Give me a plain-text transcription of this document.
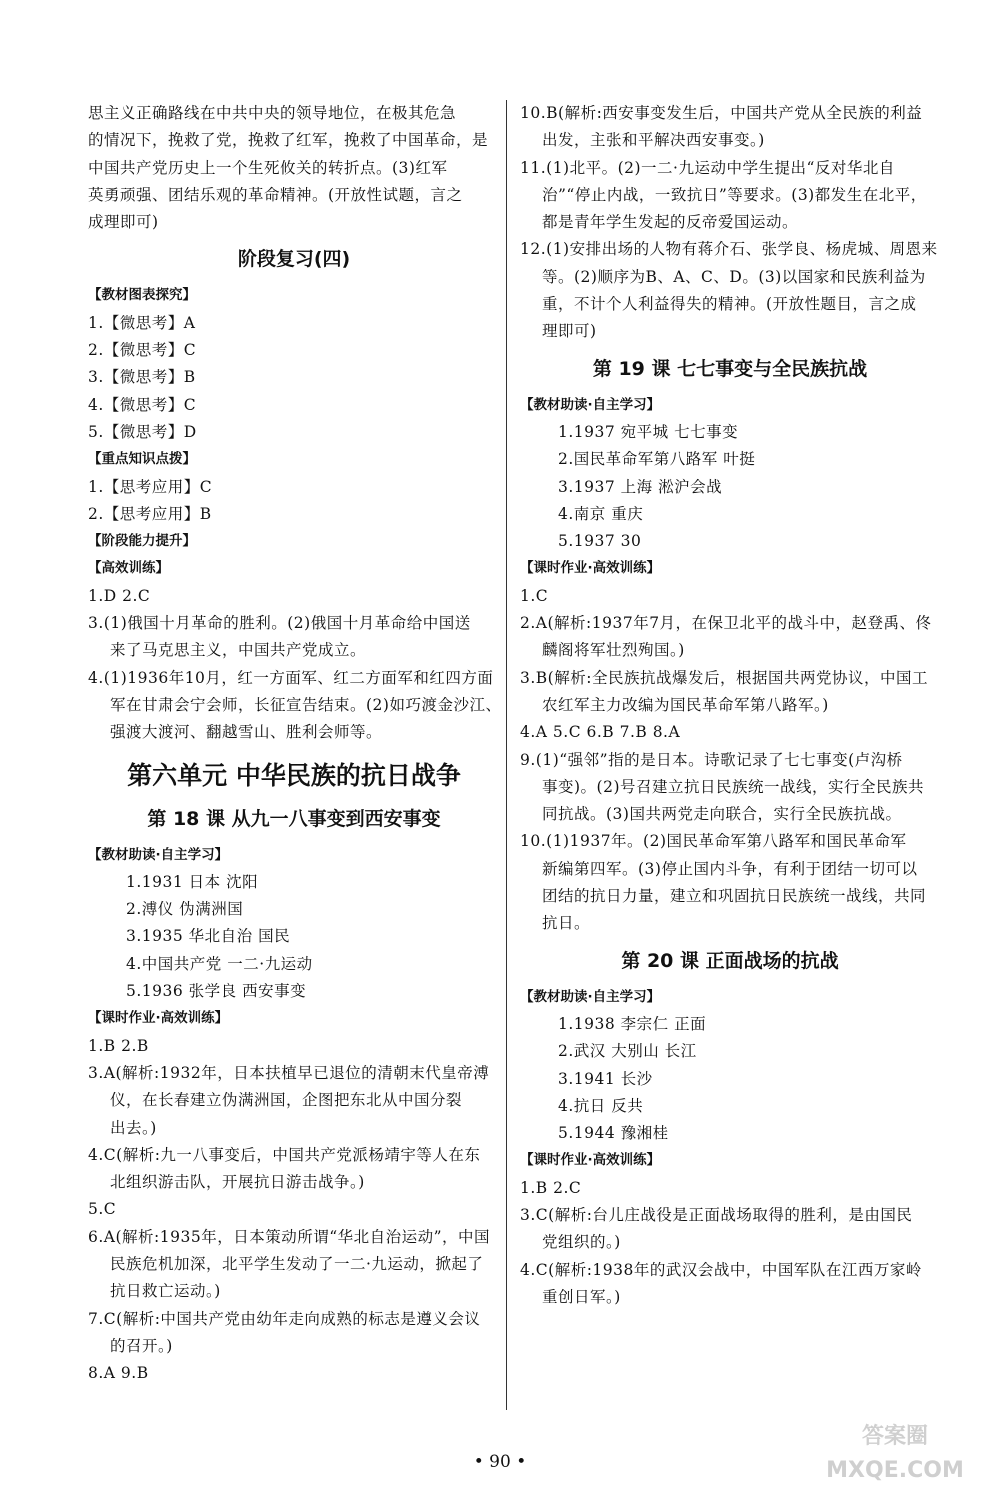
思主义正确路线在中共中央的领导地位，在极其危急
的情况下，挽救了党，挽救了红军，挽救了中国革命，是
中国共产党历史上一个生死攸关的转折点。(3)红军
英勇顽强、团结乐观的革命精神。(开放性试题，言之
成理即可)
阶段复习(四)
【教材图表探究】
1.【微思考】A
2.【微思考】C
3.【微思考】B
4.【微思考】C
5.【微思考】D
【重点知识点拨】
1.【思考应用】C
2.【思考应用】B
【阶段能力提升】
【高效训练】
1.D 2.C
3.(1)俄国十月革命的胜利。(2)俄国十月革命给中国送
来了马克思主义，中国共产党成立。
4.(1)1936年10月，红一方面军、红二方面军和红四方面
军在甘肃会宁会师，长征宣告结束。(2)如巧渡金沙江、
强渡大渡河、翻越雪山、胜利会师等。
第六单元 中华民族的抗日战争
第 18 课 从九一八事变到西安事变
【教材助读·自主学习】
1.1931 日本 沈阳
2.溥仪 伪满洲国
3.1935 华北自治 国民
4.中国共产党 一二·九运动
5.1936 张学良 西安事变
【课时作业·高效训练】
1.B 2.B
3.A(解析:1932年，日本扶植早已退位的清朝末代皇帝溥
仪，在长春建立伪满洲国，企图把东北从中国分裂
出去。)
4.C(解析:九一八事变后，中国共产党派杨靖宇等人在东
北组织游击队，开展抗日游击战争。)
5.C
6.A(解析:1935年，日本策动所谓“华北自治运动”，中国
民族危机加深，北平学生发动了一二·九运动，掀起了
抗日救亡运动。)
7.C(解析:中国共产党由幼年走向成熟的标志是遵义会议
的召开。)
8.A 9.B
10.B(解析:西安事变发生后，中国共产党从全民族的利益
出发，主张和平解决西安事变。)
11.(1)北平。(2)一二·九运动中学生提出“反对华北自
治”“停止内战，一致抗日”等要求。(3)都发生在北平，
都是青年学生发起的反帝爱国运动。
12.(1)安排出场的人物有蒋介石、张学良、杨虎城、周恩来
等。(2)顺序为B、A、C、D。(3)以国家和民族利益为
重，不计个人利益得失的精神。(开放性题目，言之成
理即可)
第 19 课 七七事变与全民族抗战
【教材助读·自主学习】
1.1937 宛平城 七七事变
2.国民革命军第八路军 叶挺
3.1937 上海 淞沪会战
4.南京 重庆
5.1937 30
【课时作业·高效训练】
1.C
2.A(解析:1937年7月，在保卫北平的战斗中，赵登禹、佟
麟阁将军壮烈殉国。)
3.B(解析:全民族抗战爆发后，根据国共两党协议，中国工
农红军主力改编为国民革命军第八路军。)
4.A 5.C 6.B 7.B 8.A
9.(1)“强邻”指的是日本。诗歌记录了七七事变(卢沟桥
事变)。(2)号召建立抗日民族统一战线，实行全民族共
同抗战。(3)国共两党走向联合，实行全民族抗战。
10.(1)1937年。(2)国民革命军第八路军和国民革命军
新编第四军。(3)停止国内斗争，有利于团结一切可以
团结的抗日力量，建立和巩固抗日民族统一战线，共同
抗日。
第 20 课 正面战场的抗战
【教材助读·自主学习】
1.1938 李宗仁 正面
2.武汉 大别山 长江
3.1941 长沙
4.抗日 反共
5.1944 豫湘桂
【课时作业·高效训练】
1.B 2.C
3.C(解析:台儿庄战役是正面战场取得的胜利，是由国民
党组织的。)
4.C(解析:1938年的武汉会战中，中国军队在江西万家岭
重创日军。)
• 90 •
答案圈
MXQE.COM
